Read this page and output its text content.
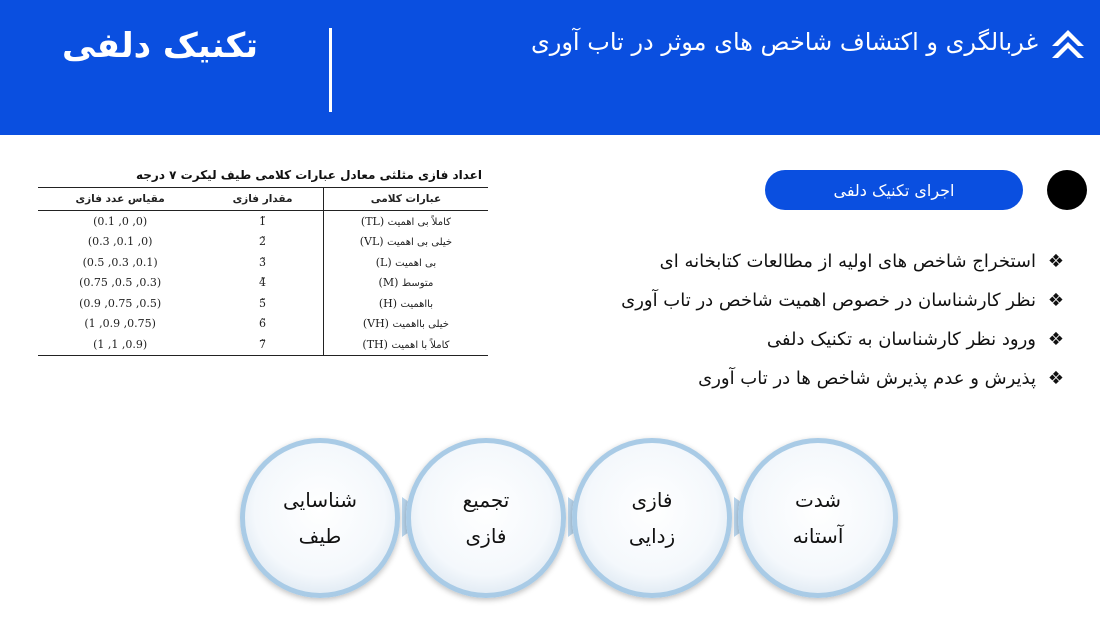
تکنیک دلفی	غربالگری و اکتشاف شاخص های موثر در تاب آوری
اعداد فازی مثلثی معادل عبارات کلامی طیف لیکرت ۷ درجه
عبارات کلامی	مقدار فازی	مقیاس عدد فازی
کاملاً بی اهمیت (TL)	1̃	(0, 0, 0.1)
خیلی بی اهمیت (VL)	2̃	(0, 0.1, 0.3)
بی اهمیت (L)	3̃	(0.1, 0.3, 0.5)
متوسط (M)	4̃	(0.3, 0.5, 0.75)
بااهمیت (H)	5̃	(0.5, 0.75, 0.9)
خیلی بااهمیت (VH)	6̃	(0.75, 0.9, 1)
کاملاً با اهمیت (TH)	7̃	(0.9, 1, 1)
اجرای تکنیک دلفی
❖استخراج شاخص های اولیه از مطالعات کتابخانه ای
❖نظر کارشناسان در خصوص اهمیت شاخص در تاب آوری
❖ورود نظر کارشناسان به تکنیک دلفی
❖پذیرش و عدم پذیرش شاخص ها در تاب آوری
شناسایی
طیف
تجمیع
فازی
فازی
زدایی
شدت
آستانه
